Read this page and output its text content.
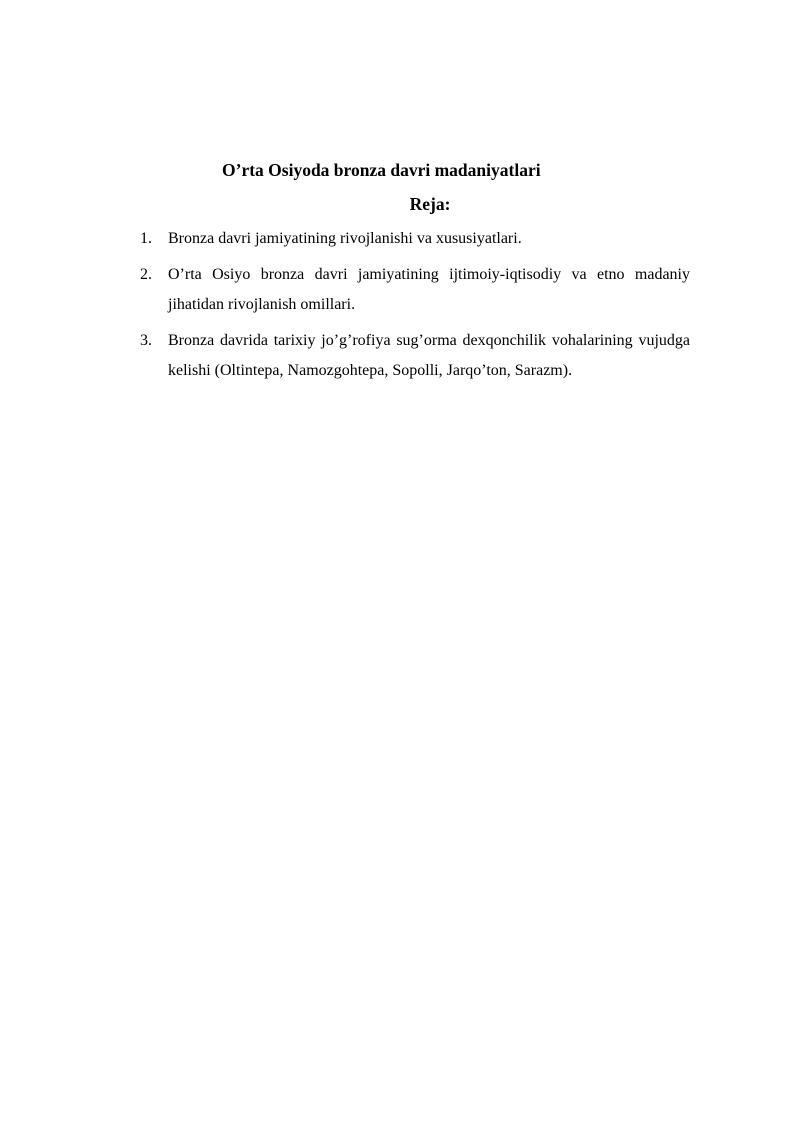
O’rta Osiyoda bronza davri madaniyatlari
Reja:
1. Bronza davri jamiyatining rivojlanishi va xususiyatlari.
2. O’rta Osiyo bronza davri jamiyatining ijtimoiy-iqtisodiy va etno madaniy jihatidan rivojlanish omillari.
3. Bronza davrida tarixiy jo’g’rofiya sug’orma dexqonchilik vohalarining vujudga kelishi (Oltintepa, Namozgohtepa, Sopolli, Jarqo’ton, Sarazm).
